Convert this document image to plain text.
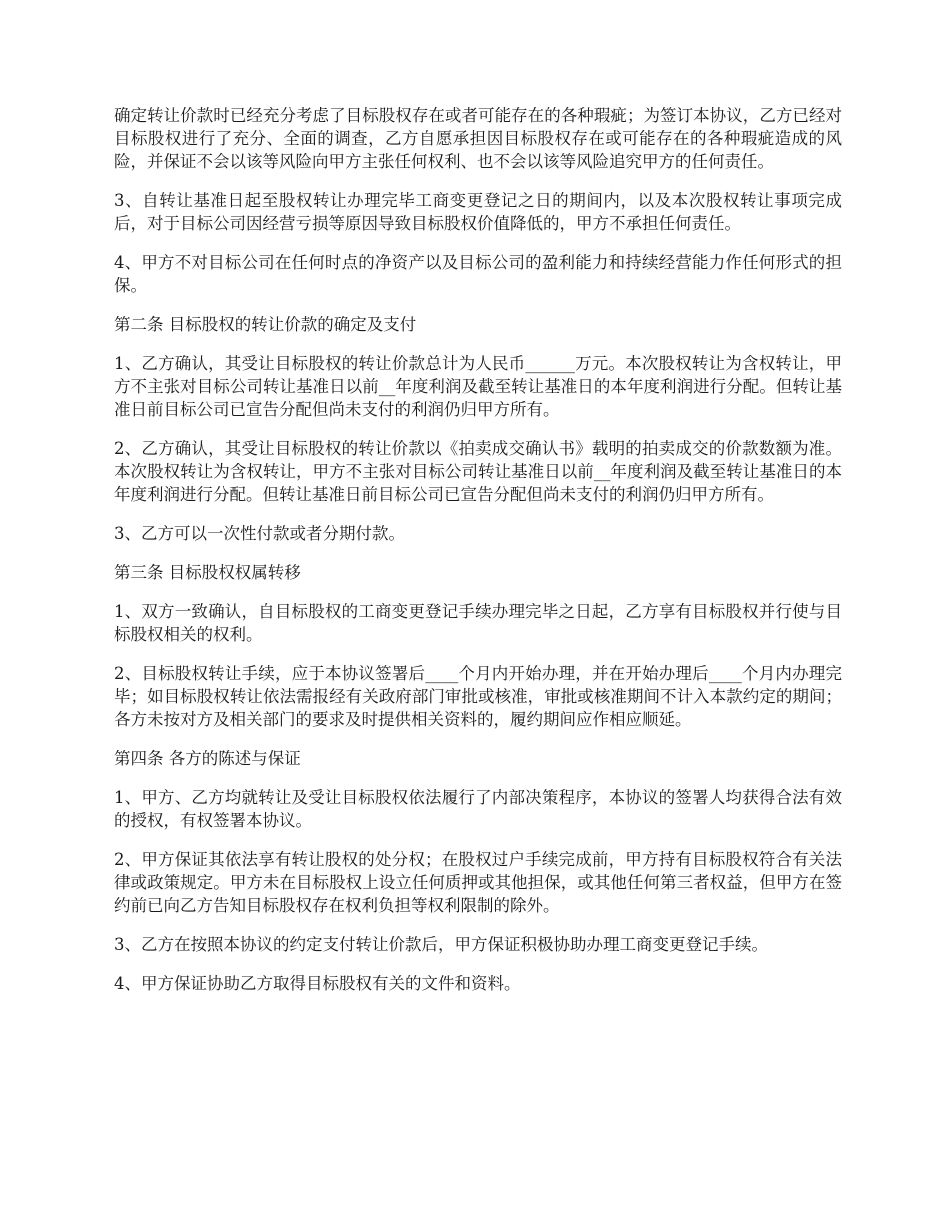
确定转让价款时已经充分考虑了目标股权存在或者可能存在的各种瑕疵；为签订本协议，乙方已经对目标股权进行了充分、全面的调查，乙方自愿承担因目标股权存在或可能存在的各种瑕疵造成的风险，并保证不会以该等风险向甲方主张任何权利、也不会以该等风险追究甲方的任何责任。

3、自转让基准日起至股权转让办理完毕工商变更登记之日的期间内，以及本次股权转让事项完成后，对于目标公司因经营亏损等原因导致目标股权价值降低的，甲方不承担任何责任。

4、甲方不对目标公司在任何时点的净资产以及目标公司的盈利能力和持续经营能力作任何形式的担保。

第二条 目标股权的转让价款的确定及支付

1、乙方确认，其受让目标股权的转让价款总计为人民币______万元。本次股权转让为含权转让，甲方不主张对目标公司转让基准日以前__年度利润及截至转让基准日的本年度利润进行分配。但转让基准日前目标公司已宣告分配但尚未支付的利润仍归甲方所有。

2、乙方确认，其受让目标股权的转让价款以《拍卖成交确认书》载明的拍卖成交的价款数额为准。本次股权转让为含权转让，甲方不主张对目标公司转让基准日以前__年度利润及截至转让基准日的本年度利润进行分配。但转让基准日前目标公司已宣告分配但尚未支付的利润仍归甲方所有。

3、乙方可以一次性付款或者分期付款。

第三条 目标股权权属转移

1、双方一致确认，自目标股权的工商变更登记手续办理完毕之日起，乙方享有目标股权并行使与目标股权相关的权利。

2、目标股权转让手续，应于本协议签署后____个月内开始办理，并在开始办理后____个月内办理完毕；如目标股权转让依法需报经有关政府部门审批或核准，审批或核准期间不计入本款约定的期间；各方未按对方及相关部门的要求及时提供相关资料的，履约期间应作相应顺延。

第四条 各方的陈述与保证

1、甲方、乙方均就转让及受让目标股权依法履行了内部决策程序，本协议的签署人均获得合法有效的授权，有权签署本协议。

2、甲方保证其依法享有转让股权的处分权；在股权过户手续完成前，甲方持有目标股权符合有关法律或政策规定。甲方未在目标股权上设立任何质押或其他担保，或其他任何第三者权益，但甲方在签约前已向乙方告知目标股权存在权利负担等权利限制的除外。

3、乙方在按照本协议的约定支付转让价款后，甲方保证积极协助办理工商变更登记手续。

4、甲方保证协助乙方取得目标股权有关的文件和资料。
